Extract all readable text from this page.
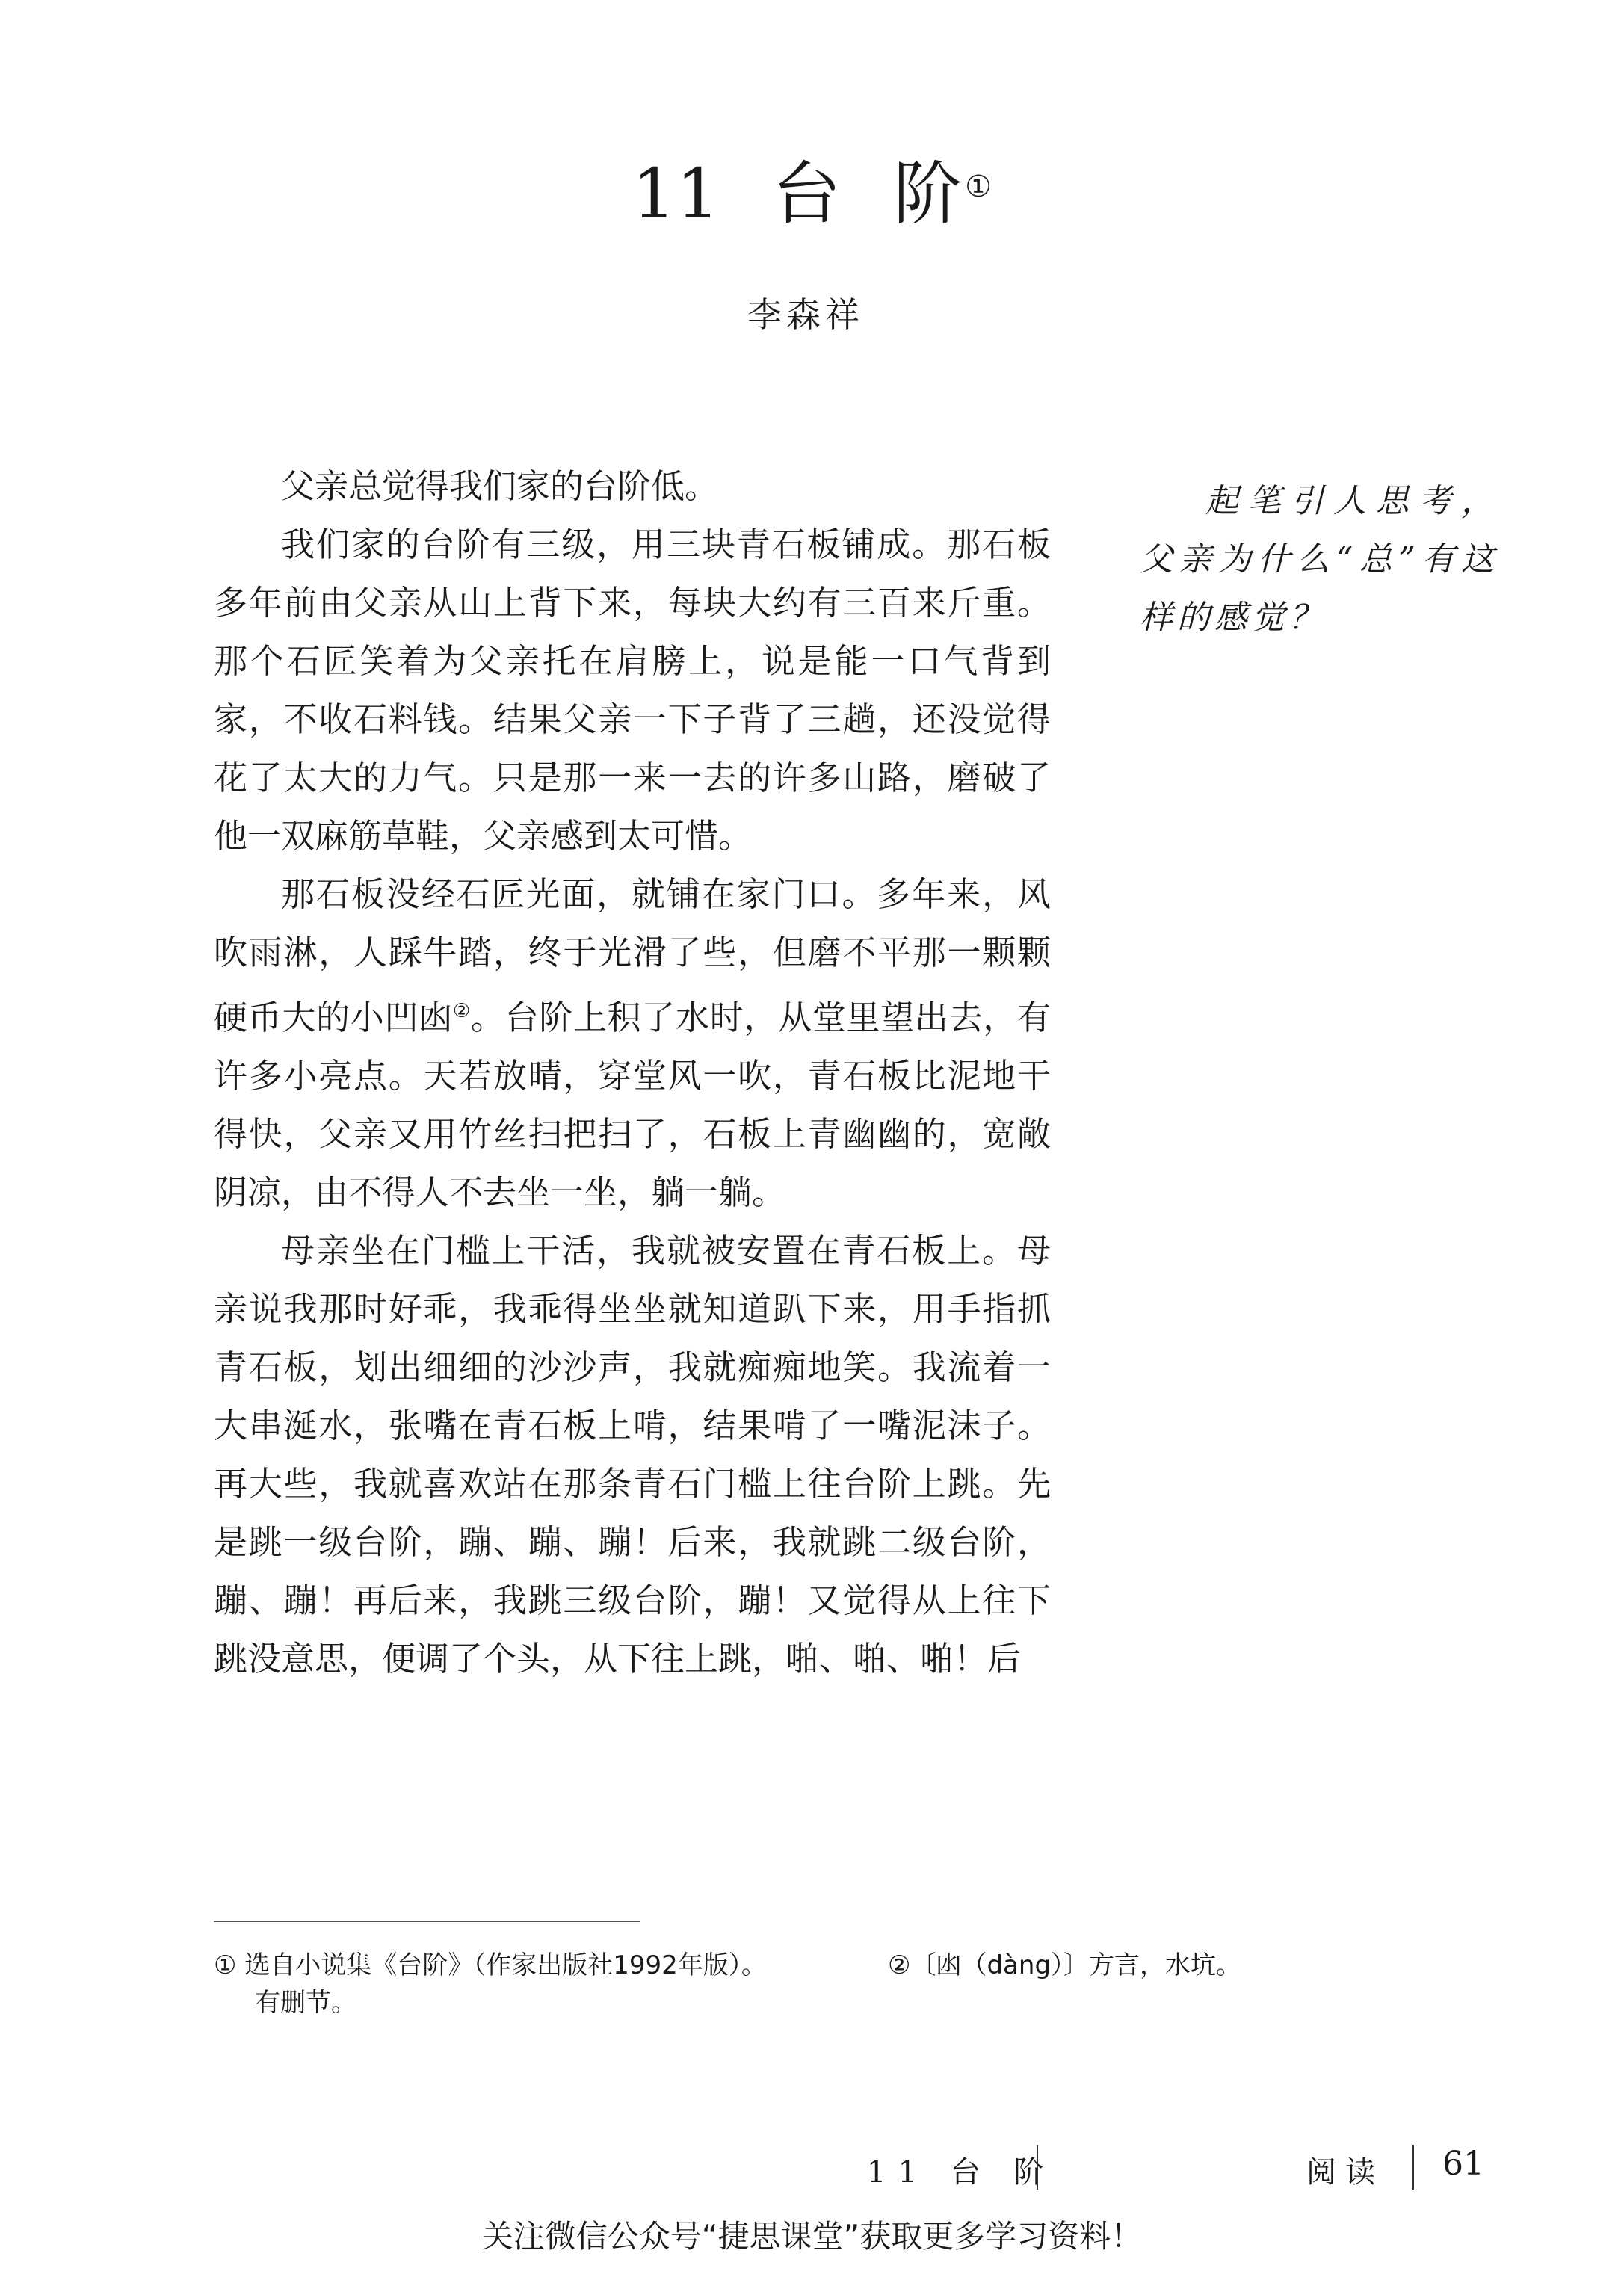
11 台 阶 ①
李森祥

父亲总觉得我们家的台阶低。

我们家的台阶有三级，用三块青石板铺成。那石板多年前由父亲从山上背下来，每块大约有三百来斤重。那个石匠笑着为父亲托在肩膀上，说是能一口气背到家，不收石料钱。结果父亲一下子背了三趟，还没觉得花了太大的力气。只是那一来一去的许多山路，磨破了他一双麻筋草鞋，父亲感到太可惜。

那石板没经石匠光面，就铺在家门口。多年来，风吹雨淋，人踩牛踏，终于光滑了些，但磨不平那一颗颗硬币大的小凹凼②。台阶上积了水时，从堂里望出去，有许多小亮点。天若放晴，穿堂风一吹，青石板比泥地干得快，父亲又用竹丝扫把扫了，石板上青幽幽的，宽敞阴凉，由不得人不去坐一坐，躺一躺。

母亲坐在门槛上干活，我就被安置在青石板上。母亲说我那时好乖，我乖得坐坐就知道趴下来，用手指抓青石板，划出细细的沙沙声，我就痴痴地笑。我流着一大串涎水，张嘴在青石板上啃，结果啃了一嘴泥沫子。再大些，我就喜欢站在那条青石门槛上往台阶上跳。先是跳一级台阶，蹦、蹦、蹦！后来，我就跳二级台阶，蹦、蹦！再后来，我跳三级台阶，蹦！又觉得从上往下跳没意思，便调了个头，从下往上跳，啪、啪、啪！后

起笔引人思考，父亲为什么“总”有这样的感觉？
① 选自小说集《台阶》（作家出版社1992年版）。
有删节。
②〔凼（dàng）〕方言，水坑。
11 台 阶	阅读 61
关注微信公众号“捷思课堂”获取更多学习资料！
